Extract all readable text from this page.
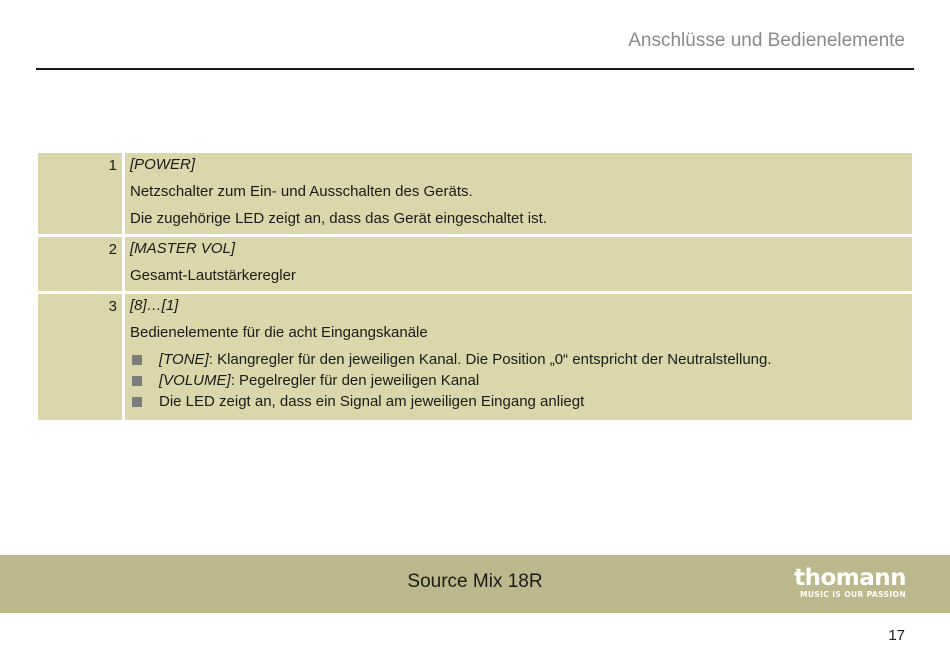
Anschlüsse und Bedienelemente
1 [POWER]
Netzschalter zum Ein- und Ausschalten des Geräts.
Die zugehörige LED zeigt an, dass das Gerät eingeschaltet ist.
2 [MASTER VOL]
Gesamt-Lautstärkeregler
3 [8]…[1]
Bedienelemente für die acht Eingangskanäle
[TONE]: Klangregler für den jeweiligen Kanal. Die Position „0“ entspricht der Neutralstellung.
[VOLUME]: Pegelregler für den jeweiligen Kanal
Die LED zeigt an, dass ein Signal am jeweiligen Eingang anliegt
Source Mix 18R	thomann
MUSIC IS OUR PASSION
17
